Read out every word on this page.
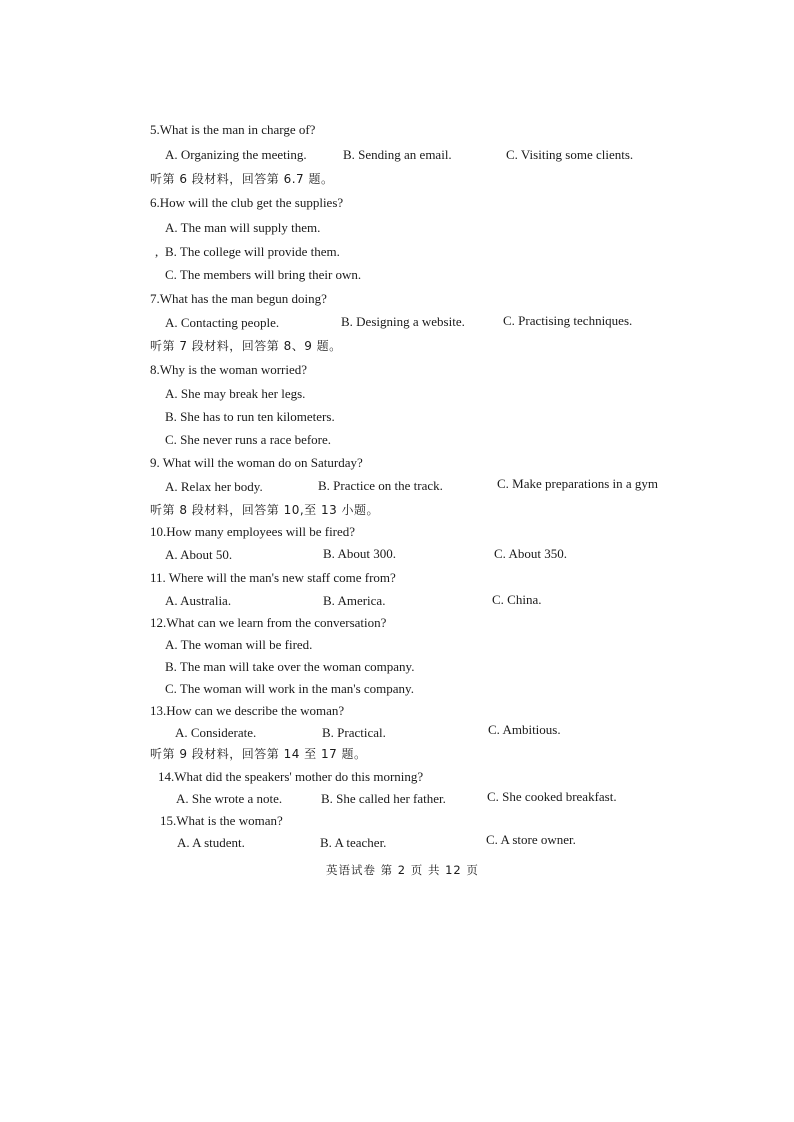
5.What is the man in charge of?
A. Organizing the meeting.	B. Sending an email.	C. Visiting some clients.
听第 6 段材料，回答第 6.7 题。
6.How will the club get the supplies?
A. The man will supply them.
, B. The college will provide them.
C. The members will bring their own.
7.What has the man begun doing?
A. Contacting people.	B. Designing a website.	C. Practising techniques.
听第 7 段材料，回答第 8、9 题。
8.Why is the woman worried?
A. She may break her legs.
B. She has to run ten kilometers.
C. She never runs a race before.
9. What will the woman do on Saturday?
A. Relax her body.	B. Practice on the track.	C. Make preparations in a gym
听第 8 段材料，回答第 10,至 13 小题。
10.How many employees will be fired?
A. About 50.	B. About 300.	C. About 350.
11. Where will the man's new staff come from?
A. Australia.	B. America.	C. China.
12.What can we learn from the conversation?
A. The woman will be fired.
B. The man will take over the woman company.
C. The woman will work in the man's company.
13.How can we describe the woman?
A. Considerate.	B. Practical.	C. Ambitious.
听第 9 段材料，回答第 14 至 17 题。
14.What did the speakers' mother do this morning?
A. She wrote a note.	B. She called her father.	C. She cooked breakfast.
15.What is the woman?
A. A student.	B. A teacher.	C. A store owner.
英语试卷 第 2 页 共 12 页
